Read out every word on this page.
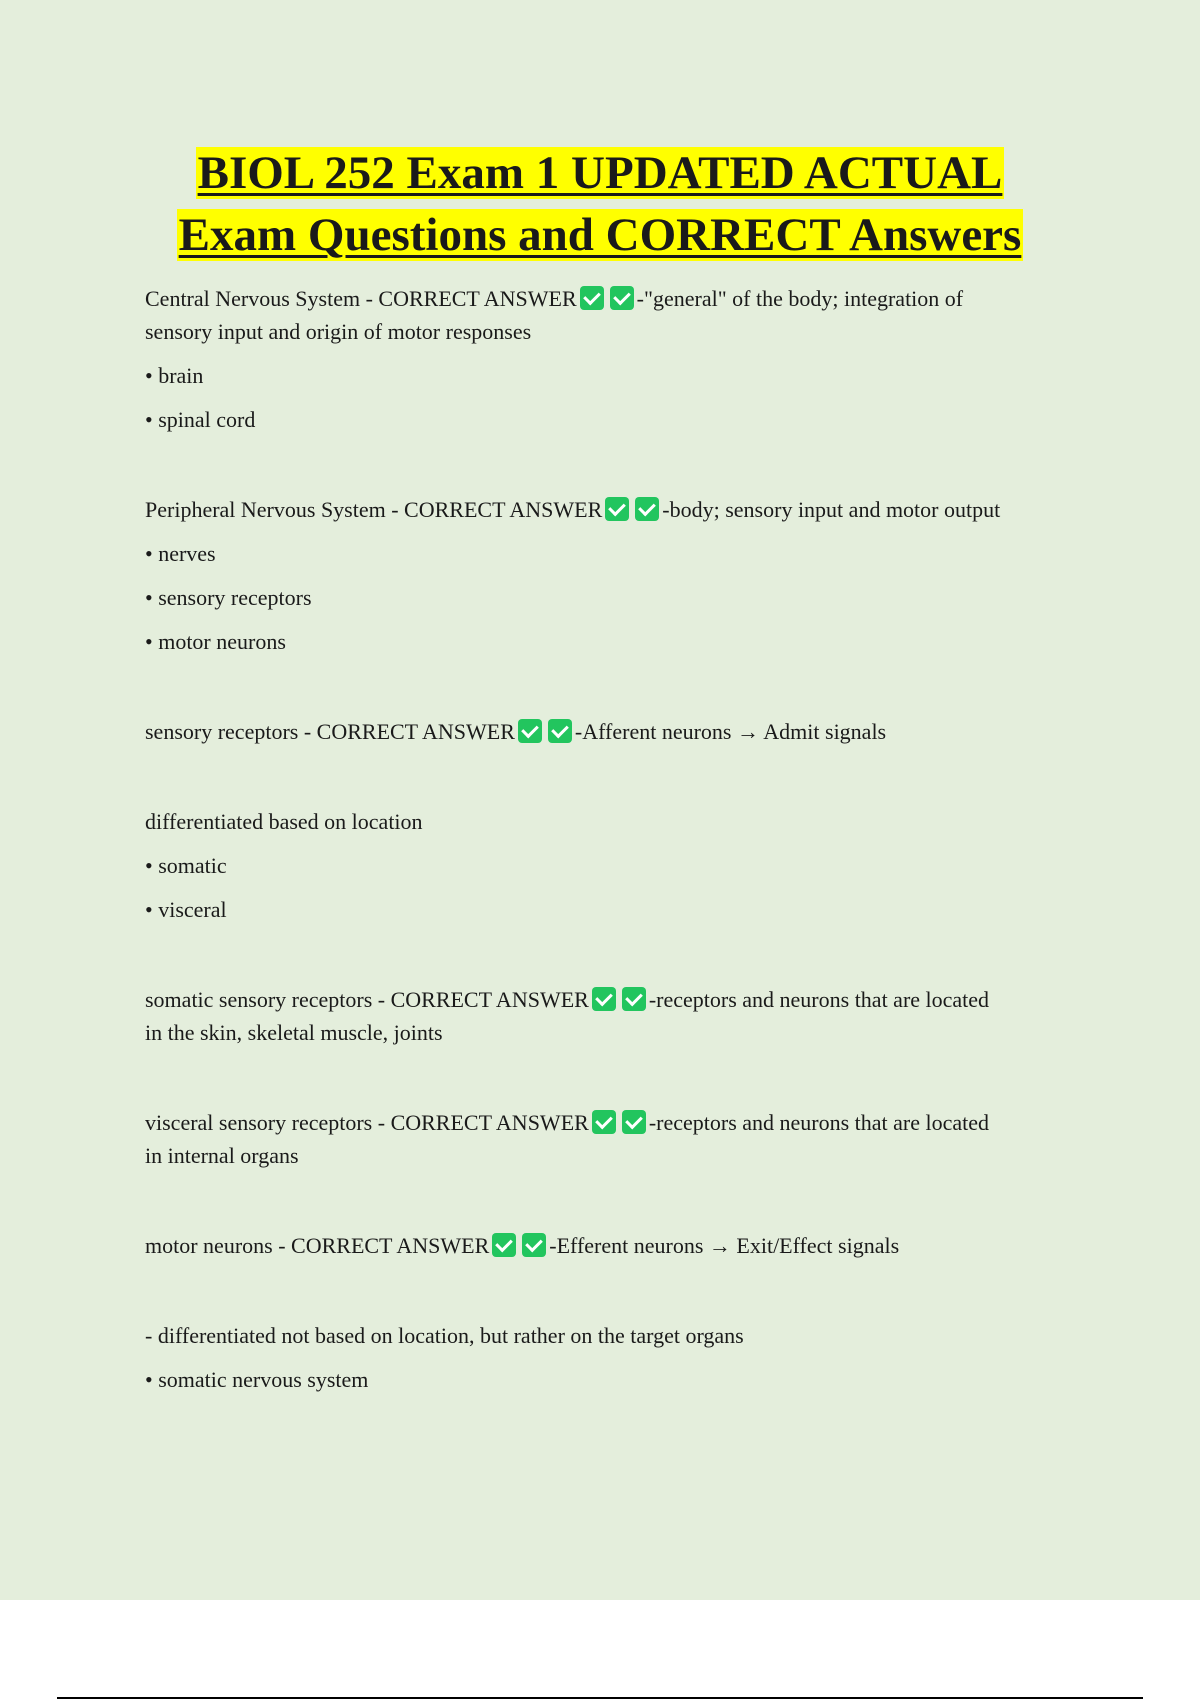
BIOL 252 Exam 1 UPDATED ACTUAL
Exam Questions and CORRECT Answers

Central Nervous System - CORRECT ANSWER	-"general" of the body; integration of
sensory input and origin of motor responses

• brain

• spinal cord

Peripheral Nervous System - CORRECT ANSWER	-body; sensory input and motor output

• nerves

• sensory receptors

• motor neurons

sensory receptors - CORRECT ANSWER	-Afferent neurons → Admit signals

differentiated based on location

• somatic

• visceral

somatic sensory receptors - CORRECT ANSWER	-receptors and neurons that are located
in the skin, skeletal muscle, joints

visceral sensory receptors - CORRECT ANSWER	-receptors and neurons that are located
in internal organs

motor neurons - CORRECT ANSWER	-Efferent neurons → Exit/Effect signals

- differentiated not based on location, but rather on the target organs

• somatic nervous system
